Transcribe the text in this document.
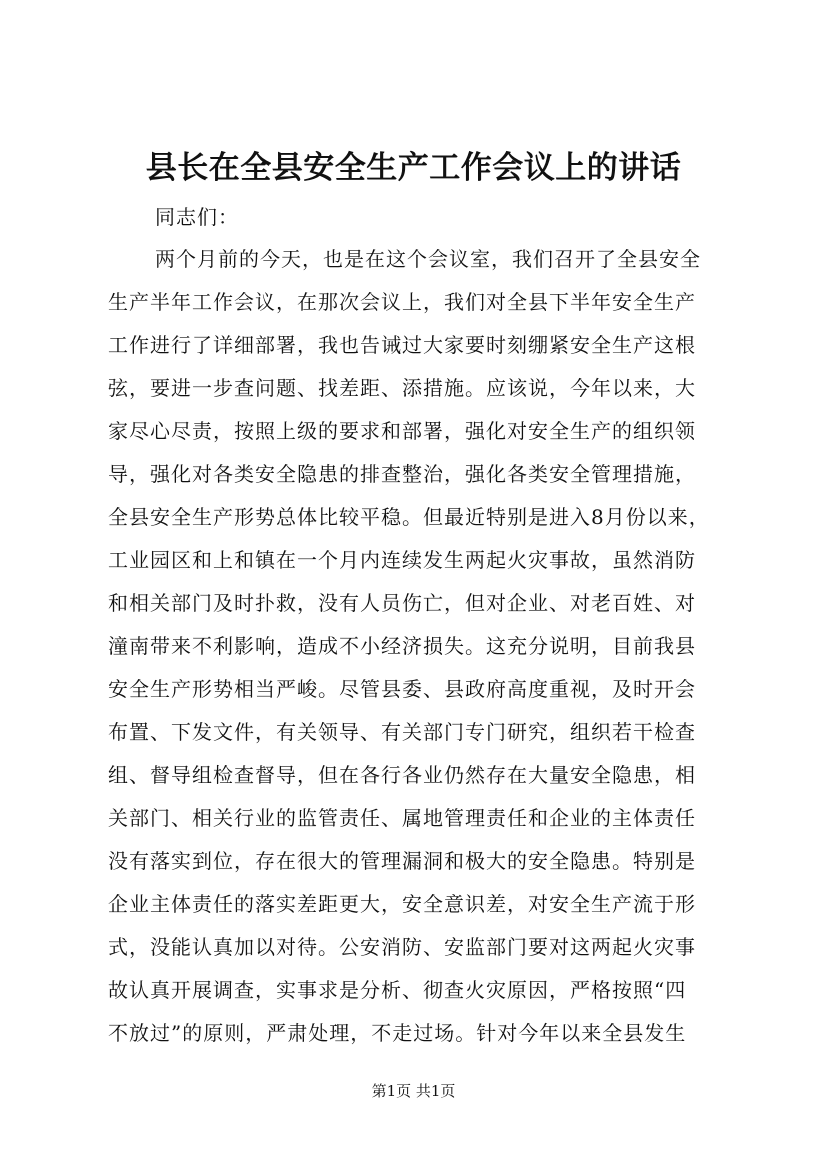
县长在全县安全生产工作会议上的讲话
同志们：
两个月前的今天，也是在这个会议室，我们召开了全县安全
生产半年工作会议，在那次会议上，我们对全县下半年安全生产
工作进行了详细部署，我也告诫过大家要时刻绷紧安全生产这根
弦，要进一步查问题、找差距、添措施。应该说，今年以来，大
家尽心尽责，按照上级的要求和部署，强化对安全生产的组织领
导，强化对各类安全隐患的排查整治，强化各类安全管理措施，
全县安全生产形势总体比较平稳。但最近特别是进入8月份以来，
工业园区和上和镇在一个月内连续发生两起火灾事故，虽然消防
和相关部门及时扑救，没有人员伤亡，但对企业、对老百姓、对
潼南带来不利影响，造成不小经济损失。这充分说明，目前我县
安全生产形势相当严峻。尽管县委、县政府高度重视，及时开会
布置、下发文件，有关领导、有关部门专门研究，组织若干检查
组、督导组检查督导，但在各行各业仍然存在大量安全隐患，相
关部门、相关行业的监管责任、属地管理责任和企业的主体责任
没有落实到位，存在很大的管理漏洞和极大的安全隐患。特别是
企业主体责任的落实差距更大，安全意识差，对安全生产流于形
式，没能认真加以对待。公安消防、安监部门要对这两起火灾事
故认真开展调查，实事求是分析、彻查火灾原因，严格按照“四
不放过”的原则，严肃处理，不走过场。针对今年以来全县发生
第1页 共1页
